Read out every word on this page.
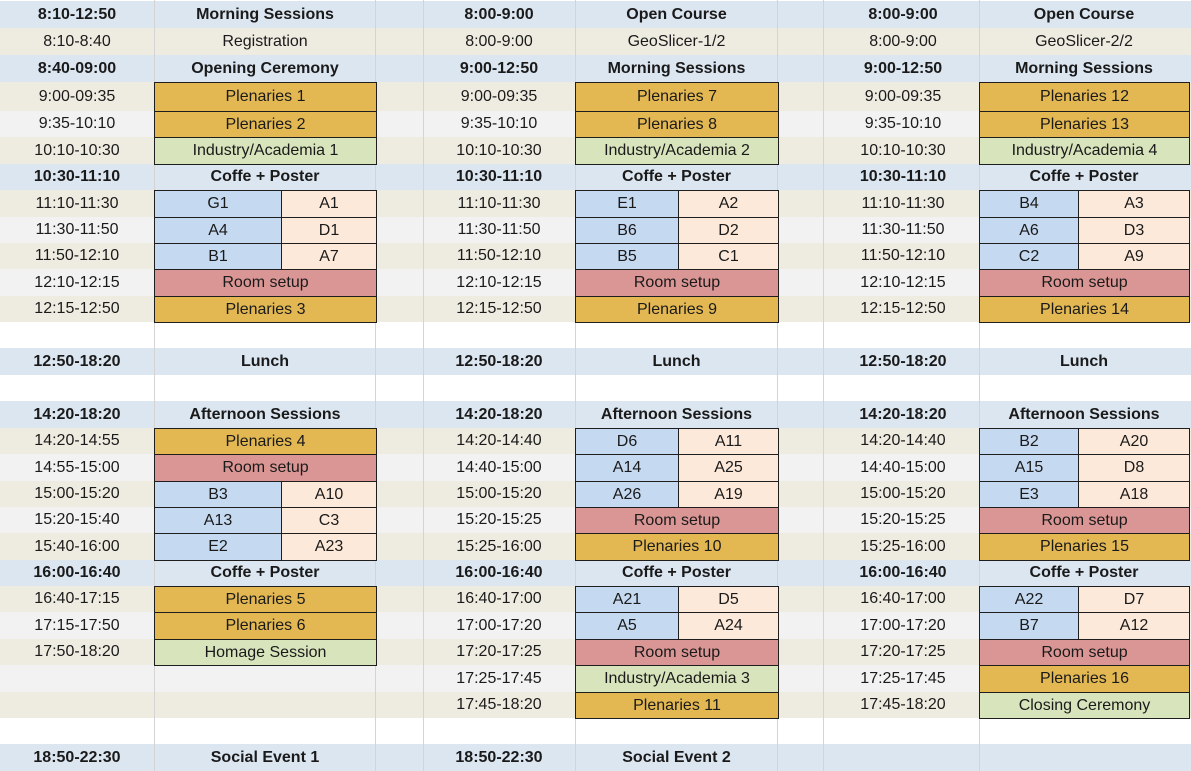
8:10-12:50	Morning Sessions
8:10-8:40	Registration
8:40-09:00	Opening Ceremony
9:00-09:35	Plenaries 1
9:35-10:10	Plenaries 2
10:10-10:30	Industry/Academia 1
10:30-11:10	Coffe + Poster
11:10-11:30	G1	A1
11:30-11:50	A4	D1
11:50-12:10	B1	A7
12:10-12:15	Room setup
12:15-12:50	Plenaries 3
12:50-18:20	Lunch
14:20-18:20	Afternoon Sessions
14:20-14:55	Plenaries 4
14:55-15:00	Room setup
15:00-15:20	B3	A10
15:20-15:40	A13	C3
15:40-16:00	E2	A23
16:00-16:40	Coffe + Poster
16:40-17:15	Plenaries 5
17:15-17:50	Plenaries 6
17:50-18:20	Homage Session
18:50-22:30	Social Event 1
8:00-9:00	Open Course
8:00-9:00	GeoSlicer-1/2
9:00-12:50	Morning Sessions
9:00-09:35	Plenaries 7
9:35-10:10	Plenaries 8
10:10-10:30	Industry/Academia 2
10:30-11:10	Coffe + Poster
11:10-11:30	E1	A2
11:30-11:50	B6	D2
11:50-12:10	B5	C1
12:10-12:15	Room setup
12:15-12:50	Plenaries 9
12:50-18:20	Lunch
14:20-18:20	Afternoon Sessions
14:20-14:40	D6	A11
14:40-15:00	A14	A25
15:00-15:20	A26	A19
15:20-15:25	Room setup
15:25-16:00	Plenaries 10
16:00-16:40	Coffe + Poster
16:40-17:00	A21	D5
17:00-17:20	A5	A24
17:20-17:25	Room setup
17:25-17:45	Industry/Academia 3
17:45-18:20	Plenaries 11
18:50-22:30	Social Event 2
8:00-9:00	Open Course
8:00-9:00	GeoSlicer-2/2
9:00-12:50	Morning Sessions
9:00-09:35	Plenaries 12
9:35-10:10	Plenaries 13
10:10-10:30	Industry/Academia 4
10:30-11:10	Coffe + Poster
11:10-11:30	B4	A3
11:30-11:50	A6	D3
11:50-12:10	C2	A9
12:10-12:15	Room setup
12:15-12:50	Plenaries 14
12:50-18:20	Lunch
14:20-18:20	Afternoon Sessions
14:20-14:40	B2	A20
14:40-15:00	A15	D8
15:00-15:20	E3	A18
15:20-15:25	Room setup
15:25-16:00	Plenaries 15
16:00-16:40	Coffe + Poster
16:40-17:00	A22	D7
17:00-17:20	B7	A12
17:20-17:25	Room setup
17:25-17:45	Plenaries 16
17:45-18:20	Closing Ceremony
